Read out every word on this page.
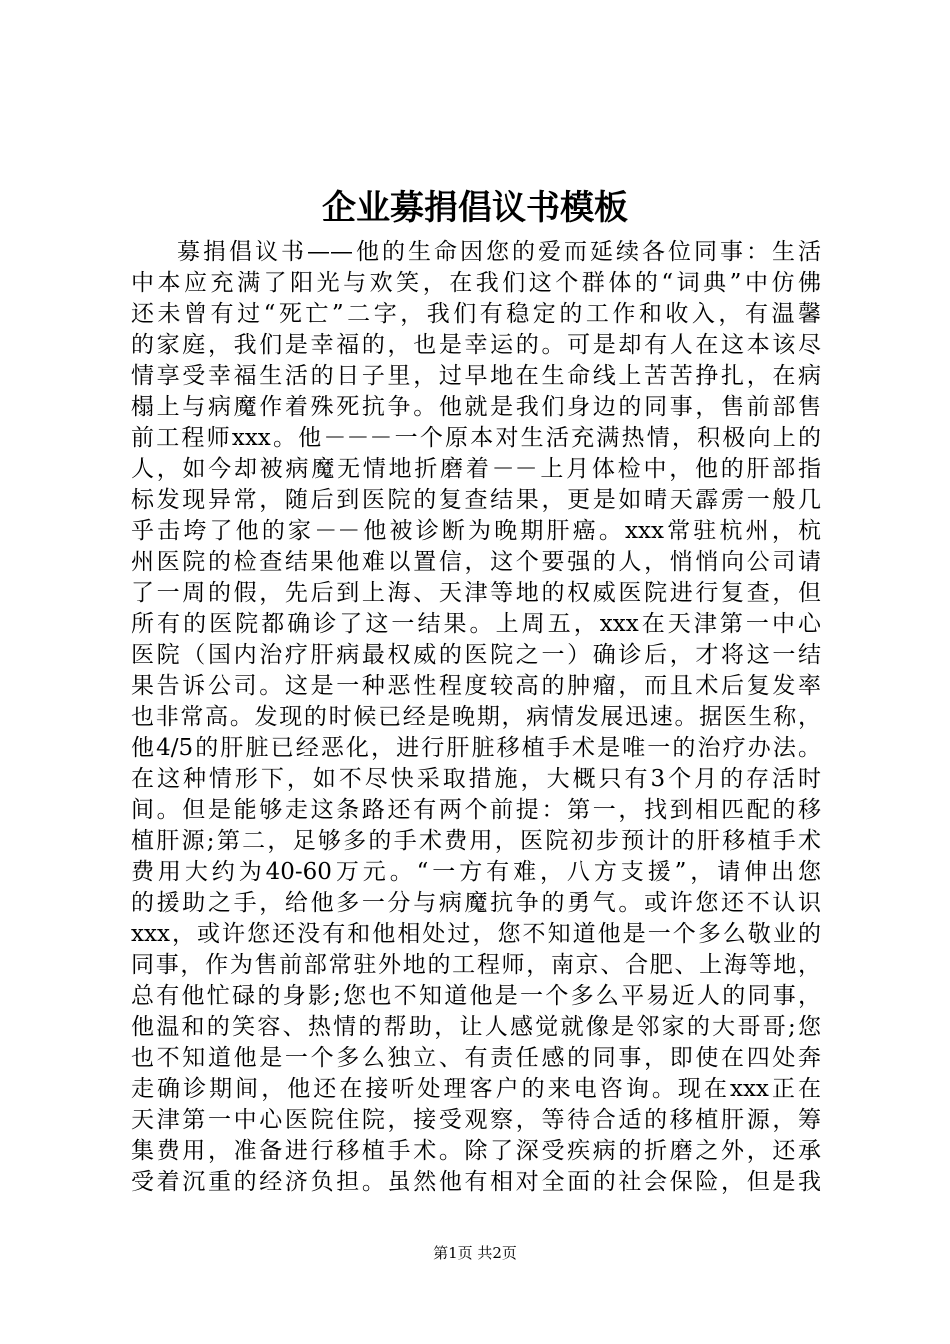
企业募捐倡议书模板
募捐倡议书——他的生命因您的爱而延续各位同事：生活
中本应充满了阳光与欢笑，在我们这个群体的“词典”中仿佛
还未曾有过“死亡”二字，我们有稳定的工作和收入，有温馨
的家庭，我们是幸福的，也是幸运的。可是却有人在这本该尽
情享受幸福生活的日子里，过早地在生命线上苦苦挣扎，在病
榻上与病魔作着殊死抗争。他就是我们身边的同事，售前部售
前工程师xxx。他－－－一个原本对生活充满热情，积极向上的
人，如今却被病魔无情地折磨着－－上月体检中，他的肝部指
标发现异常，随后到医院的复查结果，更是如晴天霹雳一般几
乎击垮了他的家－－他被诊断为晚期肝癌。xxx常驻杭州，杭
州医院的检查结果他难以置信，这个要强的人，悄悄向公司请
了一周的假，先后到上海、天津等地的权威医院进行复查，但
所有的医院都确诊了这一结果。上周五，xxx在天津第一中心
医院（国内治疗肝病最权威的医院之一）确诊后，才将这一结
果告诉公司。这是一种恶性程度较高的肿瘤，而且术后复发率
也非常高。发现的时候已经是晚期，病情发展迅速。据医生称，
他4/5的肝脏已经恶化，进行肝脏移植手术是唯一的治疗办法。
在这种情形下，如不尽快采取措施，大概只有3个月的存活时
间。但是能够走这条路还有两个前提：第一，找到相匹配的移
植肝源;第二，足够多的手术费用，医院初步预计的肝移植手术
费用大约为40-60万元。“一方有难，八方支援”，请伸出您
的援助之手，给他多一分与病魔抗争的勇气。或许您还不认识
xxx，或许您还没有和他相处过，您不知道他是一个多么敬业的
同事，作为售前部常驻外地的工程师，南京、合肥、上海等地，
总有他忙碌的身影;您也不知道他是一个多么平易近人的同事，
他温和的笑容、热情的帮助，让人感觉就像是邻家的大哥哥;您
也不知道他是一个多么独立、有责任感的同事，即使在四处奔
走确诊期间，他还在接听处理客户的来电咨询。现在xxx正在
天津第一中心医院住院，接受观察，等待合适的移植肝源，筹
集费用，准备进行移植手术。除了深受疾病的折磨之外，还承
受着沉重的经济负担。虽然他有相对全面的社会保险，但是我
第1页 共2页
